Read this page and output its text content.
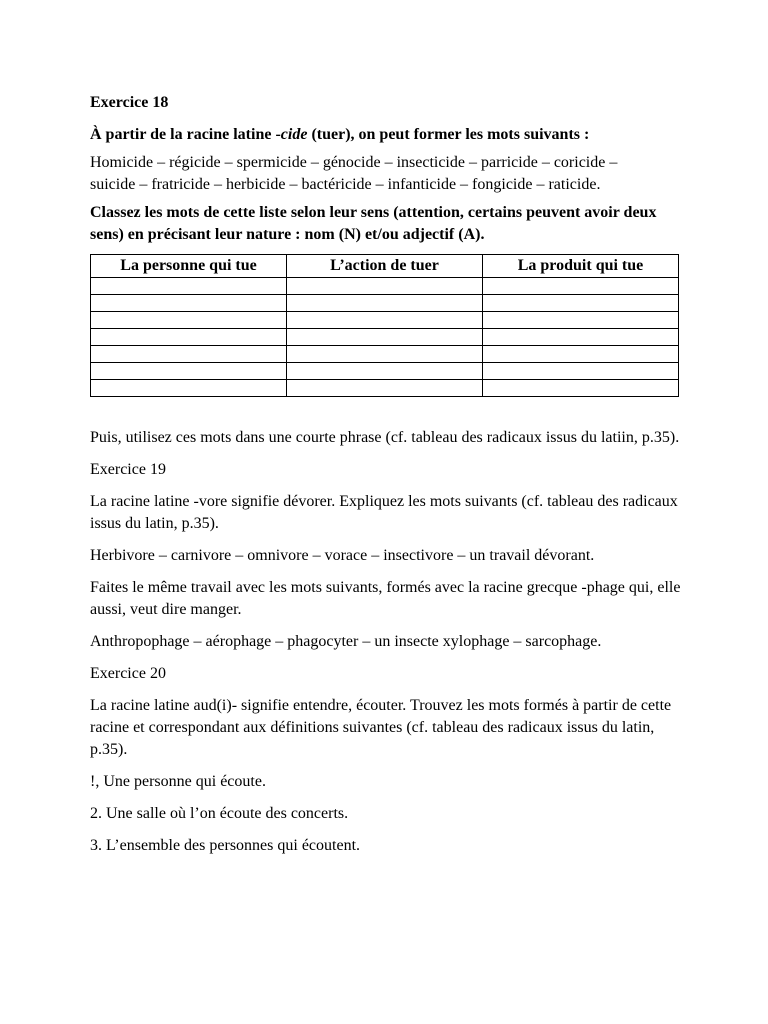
Exercice 18

À partir de la racine latine -cide (tuer), on peut former les mots suivants :

Homicide – régicide – spermicide – génocide – insecticide – parricide – coricide –
suicide – fratricide – herbicide – bactéricide – infanticide – fongicide – raticide.

Classez les mots de cette liste selon leur sens (attention, certains peuvent avoir deux sens) en précisant leur nature : nom (N) et/ou adjectif (A).

La personne qui tue	L’action de tuer	La produit qui tue

Puis, utilisez ces mots dans une courte phrase (cf. tableau des radicaux issus du latiin, p.35).

Exercice 19

La racine latine -vore signifie dévorer. Expliquez les mots suivants (cf. tableau des radicaux issus du latin, p.35).

Herbivore – carnivore – omnivore – vorace – insectivore – un travail dévorant.

Faites le même travail avec les mots suivants, formés avec la racine grecque -phage qui, elle aussi, veut dire manger.

Anthropophage – aérophage – phagocyter – un insecte xylophage – sarcophage.

Exercice 20

La racine latine aud(i)- signifie entendre, écouter. Trouvez les mots formés à partir de cette racine et correspondant aux définitions suivantes (cf. tableau des radicaux issus du latin, p.35).

!, Une personne qui écoute.

2. Une salle où l’on écoute des concerts.

3. L’ensemble des personnes qui écoutent.
